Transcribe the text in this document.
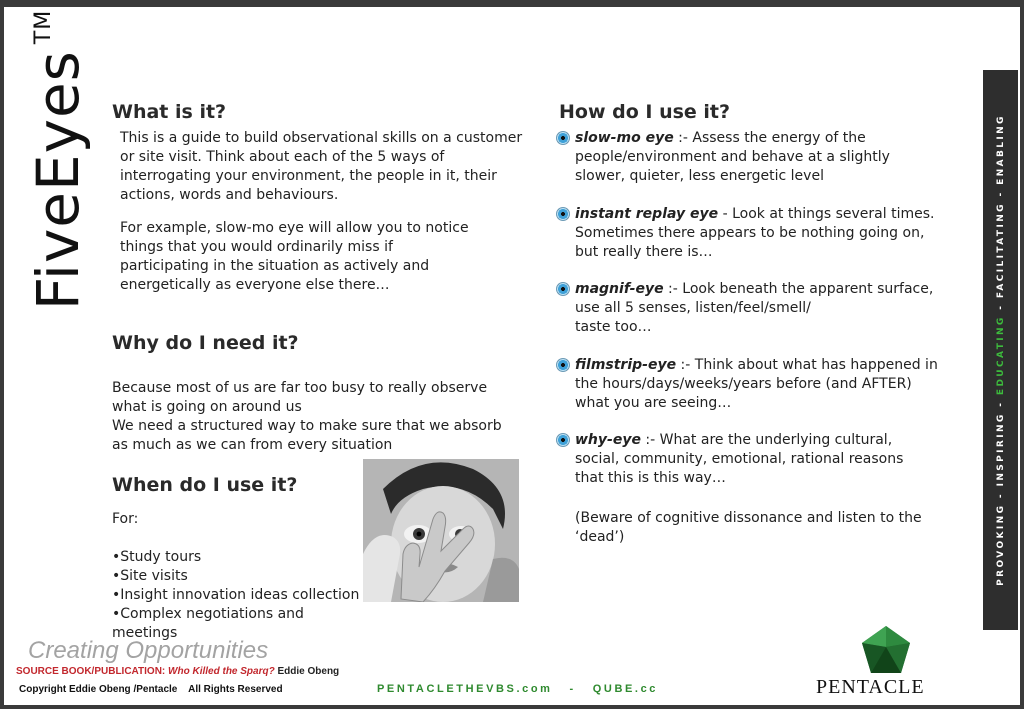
PROVOKING - INSPIRING - EDUCATING - FACILITATING - ENABLING
FiveEyes™
What is it?

This is a guide to build observational skills on a customer
or site visit. Think about each of the 5 ways of
interrogating your environment, the people in it, their
actions, words and behaviours.

For example, slow-mo eye will allow you to notice
things that you would ordinarily miss if
participating in the situation as actively and
energetically as everyone else there…

Why do I need it?
Because most of us are far too busy to really observe
what is going on around us
We need a structured way to make sure that we absorb
as much as we can from every situation
When do I use it?
For:
• Study tours
• Site visits
• Insight innovation ideas collection
• Complex negotiations and meetings
How do I use it?
slow-mo eye :- Assess the energy of the
people/environment and behave at a slightly
slower, quieter, less energetic level
instant replay eye - Look at things several times.
Sometimes there appears to be nothing going on,
but really there is…
magnif-eye :- Look beneath the apparent surface,
use all 5 senses, listen/feel/smell/
taste too…
filmstrip-eye :- Think about what has happened in
the hours/days/weeks/years before (and AFTER)
what you are seeing…
why-eye :- What are the underlying cultural,
social, community, emotional, rational reasons
that this is this way…
(Beware of cognitive dissonance and listen to the
‘dead’)
Creating Opportunities
SOURCE BOOK/PUBLICATION: Who Killed the Sparq? Eddie Obeng
Copyright Eddie Obeng /Pentacle    All Rights Reserved	PENTACLETHEVBS.com   -   QUBE.cc	PENTACLE
